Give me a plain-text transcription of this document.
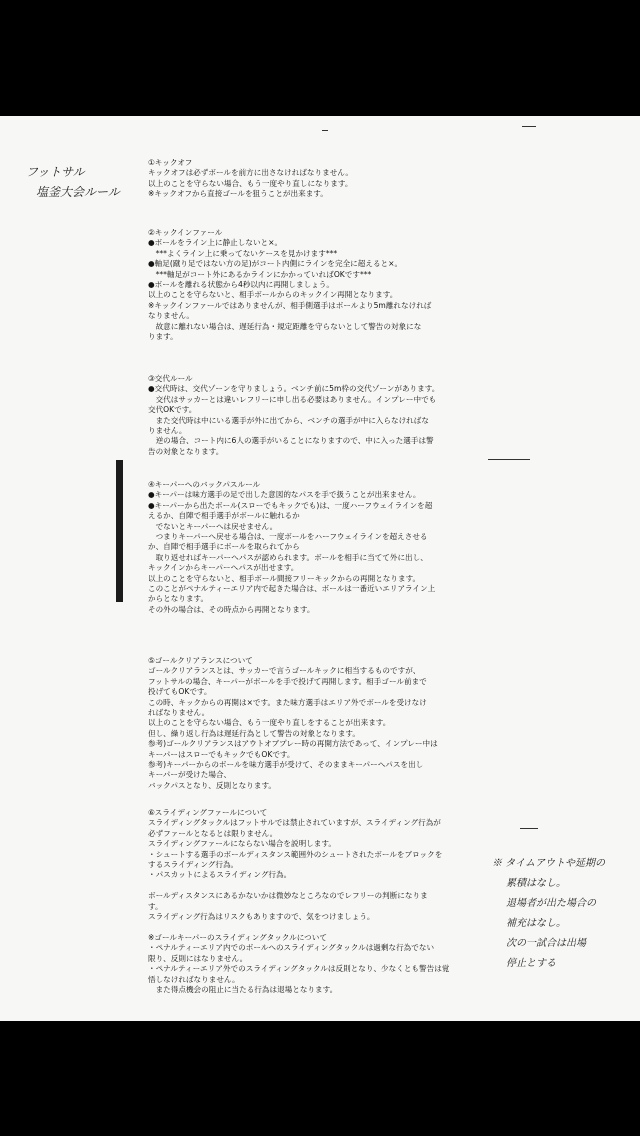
フットサル
塩釜大会ルール
①キックオフ
キックオフは必ずボールを前方に出さなければなりません。
以上のことを守らない場合、もう一度やり直しになります。
※キックオフから直接ゴールを狙うことが出来ます。
②キックインファール
●ボールをライン上に静止しないと×。
　***よくライン上に乗ってないケースを見かけます***
●軸足(蹴り足ではない方の足)がコート内側にラインを完全に超えると×。
　***軸足がコート外にあるかラインにかかっていればOKです***
●ボールを離れる状態から4秒以内に再開しましょう。
以上のことを守らないと、相手ボールからのキックイン再開となります。
※キックインファールではありませんが、相手側選手はボールより5m離れなければ
なりません。
　故意に離れない場合は、遅延行為・規定距離を守らないとして警告の対象にな
ります。
③交代ルール
●交代時は、交代ゾーンを守りましょう。ベンチ前に5m枠の交代ゾーンがあります。
　交代はサッカーとは違いレフリーに申し出る必要はありません。インプレー中でも
交代OKです。
　また交代時は中にいる選手が外に出てから、ベンチの選手が中に入らなければな
りません。
　逆の場合、コート内に6人の選手がいることになりますので、中に入った選手は警
告の対象となります。
④キーパーへのバックパスルール
●キーパーは味方選手の足で出した意図的なパスを手で扱うことが出来ません。
●キーパーから出たボール(スローでもキックでも)は、一度ハーフウェイラインを超
えるか、自陣で相手選手がボールに触れるか
　でないとキーパーへは戻せません。
　つまりキーパーへ戻せる場合は、一度ボールをハーフウェイラインを超えさせる
か、自陣で相手選手にボールを取られてから
　取り返せればキーパーへパスが認められます。ボールを相手に当てて外に出し、
キックインからキーパーへパスが出せます。
以上のことを守らないと、相手ボール間接フリーキックからの再開となります。
このことがペナルティーエリア内で起きた場合は、ボールは一番近いエリアライン上
からとなります。
その外の場合は、その時点から再開となります。
⑤ゴールクリアランスについて
ゴールクリアランスとは、サッカーで言うゴールキックに相当するものですが、
フットサルの場合、キーパーがボールを手で投げて再開します。相手ゴール前まで
投げてもOKです。
この時、キックからの再開は×です。また味方選手はエリア外でボールを受けなけ
ればなりません。
以上のことを守らない場合、もう一度やり直しをすることが出来ます。
但し、繰り返し行為は遅延行為として警告の対象となります。
参考)ゴールクリアランスはアウトオブプレー時の再開方法であって、インプレー中は
キーパーはスローでもキックでもOKです。
参考)キーパーからのボールを味方選手が受けて、そのままキーパーへパスを出し
キーパーが受けた場合、
バックパスとなり、反則となります。
⑥スライディングファールについて
スライディングタックルはフットサルでは禁止されていますが、スライディング行為が
必ずファールとなるとは限りません。
スライディングファールにならない場合を説明します。
・シュートする選手のボールディスタンス範囲外のシュートされたボールをブロックを
するスライディング行為。
・パスカットによるスライディング行為。

ボールディスタンスにあるかないかは微妙なところなのでレフリーの判断になりま
す。
スライディング行為はリスクもありますので、気をつけましょう。

※ゴールキーパーのスライディングタックルについて
・ペナルティーエリア内でのボールへのスライディングタックルは過剰な行為でない
限り、反則にはなりません。
・ペナルティーエリア外でのスライディングタックルは反則となり、少なくとも警告は覚
悟しなければなりません。
　また得点機会の阻止に当たる行為は退場となります。
※ タイムアウトや延期の
累積はなし。
退場者が出た場合の
補充はなし。
次の一試合は出場
停止とする
